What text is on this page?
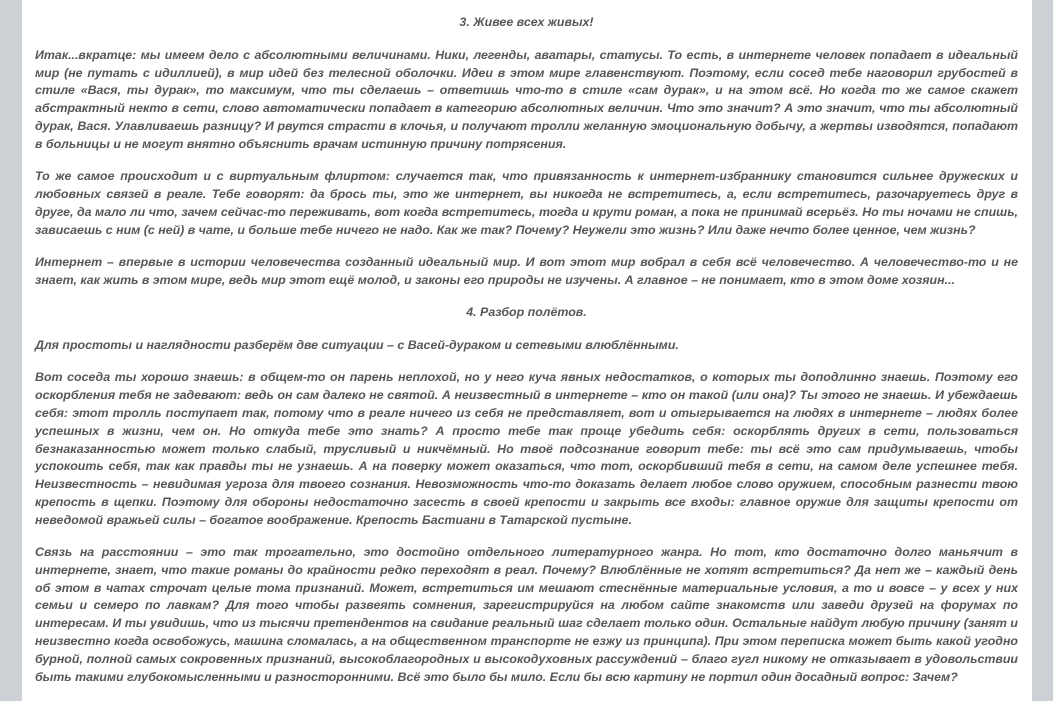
3. Живее всех живых!

Итак...вкратце: мы имеем дело с абсолютными величинами. Ники, легенды, аватары, статусы. То есть, в интернете человек попадает в идеальный мир (не путать с идиллией), в мир идей без телесной оболочки. Идеи в этом мире главенствуют. Поэтому, если сосед тебе наговорил грубостей в стиле «Вася, ты дурак», то максимум, что ты сделаешь – ответишь что-то в стиле «сам дурак», и на этом всё. Но когда то же самое скажет абстрактный некто в сети, слово автоматически попадает в категорию абсолютных величин. Что это значит? А это значит, что ты абсолютный дурак, Вася. Улавливаешь разницу? И рвутся страсти в клочья, и получают тролли желанную эмоциональную добычу, а жертвы изводятся, попадают в больницы и не могут внятно объяснить врачам истинную причину потрясения.

То же самое происходит и с виртуальным флиртом: случается так, что привязанность к интернет-избраннику становится сильнее дружеских и любовных связей в реале. Тебе говорят: да брось ты, это же интернет, вы никогда не встретитесь, а, если встретитесь, разочаруетесь друг в друге, да мало ли что, зачем сейчас-то переживать, вот когда встретитесь, тогда и крути роман, а пока не принимай всерьёз. Но ты ночами не спишь, зависаешь с ним (с ней) в чате, и больше тебе ничего не надо. Как же так? Почему? Неужели это жизнь? Или даже нечто более ценное, чем жизнь?

Интернет – впервые в истории человечества созданный идеальный мир. И вот этот мир вобрал в себя всё человечество. А человечество-то и не знает, как жить в этом мире, ведь мир этот ещё молод, и законы его природы не изучены. А главное – не понимает, кто в этом доме хозяин...

4. Разбор полётов.

Для простоты и наглядности разберём две ситуации – с Васей-дураком и сетевыми влюблёнными.

Вот соседа ты хорошо знаешь: в общем-то он парень неплохой, но у него куча явных недостатков, о которых ты доподлинно знаешь. Поэтому его оскорбления тебя не задевают: ведь он сам далеко не святой. А неизвестный в интернете – кто он такой (или она)? Ты этого не знаешь. И убеждаешь себя: этот тролль поступает так, потому что в реале ничего из себя не представляет, вот и отыгрывается на людях в интернете – людях более успешных в жизни, чем он. Но откуда тебе это знать? А просто тебе так проще убедить себя: оскорблять других в сети, пользоваться безнаказанностью может только слабый, трусливый и никчёмный. Но твоё подсознание говорит тебе: ты всё это сам придумываешь, чтобы успокоить себя, так как правды ты не узнаешь. А на поверку может оказаться, что тот, оскорбивший тебя в сети, на самом деле успешнее тебя. Неизвестность – невидимая угроза для твоего сознания. Невозможность что-то доказать делает любое слово оружием, способным разнести твою крепость в щепки. Поэтому для обороны недостаточно засесть в своей крепости и закрыть все входы: главное оружие для защиты крепости от неведомой вражьей силы – богатое воображение. Крепость Бастиани в Татарской пустыне.

Связь на расстоянии – это так трогательно, это достойно отдельного литературного жанра. Но тот, кто достаточно долго маньячит в интернете, знает, что такие романы до крайности редко переходят в реал. Почему? Влюблённые не хотят встретиться? Да нет же – каждый день об этом в чатах строчат целые тома признаний. Может, встретиться им мешают стеснённые материальные условия, а то и вовсе – у всех у них семьи и семеро по лавкам? Для того чтобы развеять сомнения, зарегистрируйся на любом сайте знакомств или заведи друзей на форумах по интересам. И ты увидишь, что из тысячи претендентов на свидание реальный шаг сделает только один. Остальные найдут любую причину (занят и неизвестно когда освобожусь, машина сломалась, а на общественном транспорте не езжу из принципа). При этом переписка может быть какой угодно бурной, полной самых сокровенных признаний, высокоблагородных и высокодуховных рассуждений – благо гугл никому не отказывает в удовольствии быть такими глубокомысленными и разносторонними. Всё это было бы мило. Если бы всю картину не портил один досадный вопрос: Зачем?
